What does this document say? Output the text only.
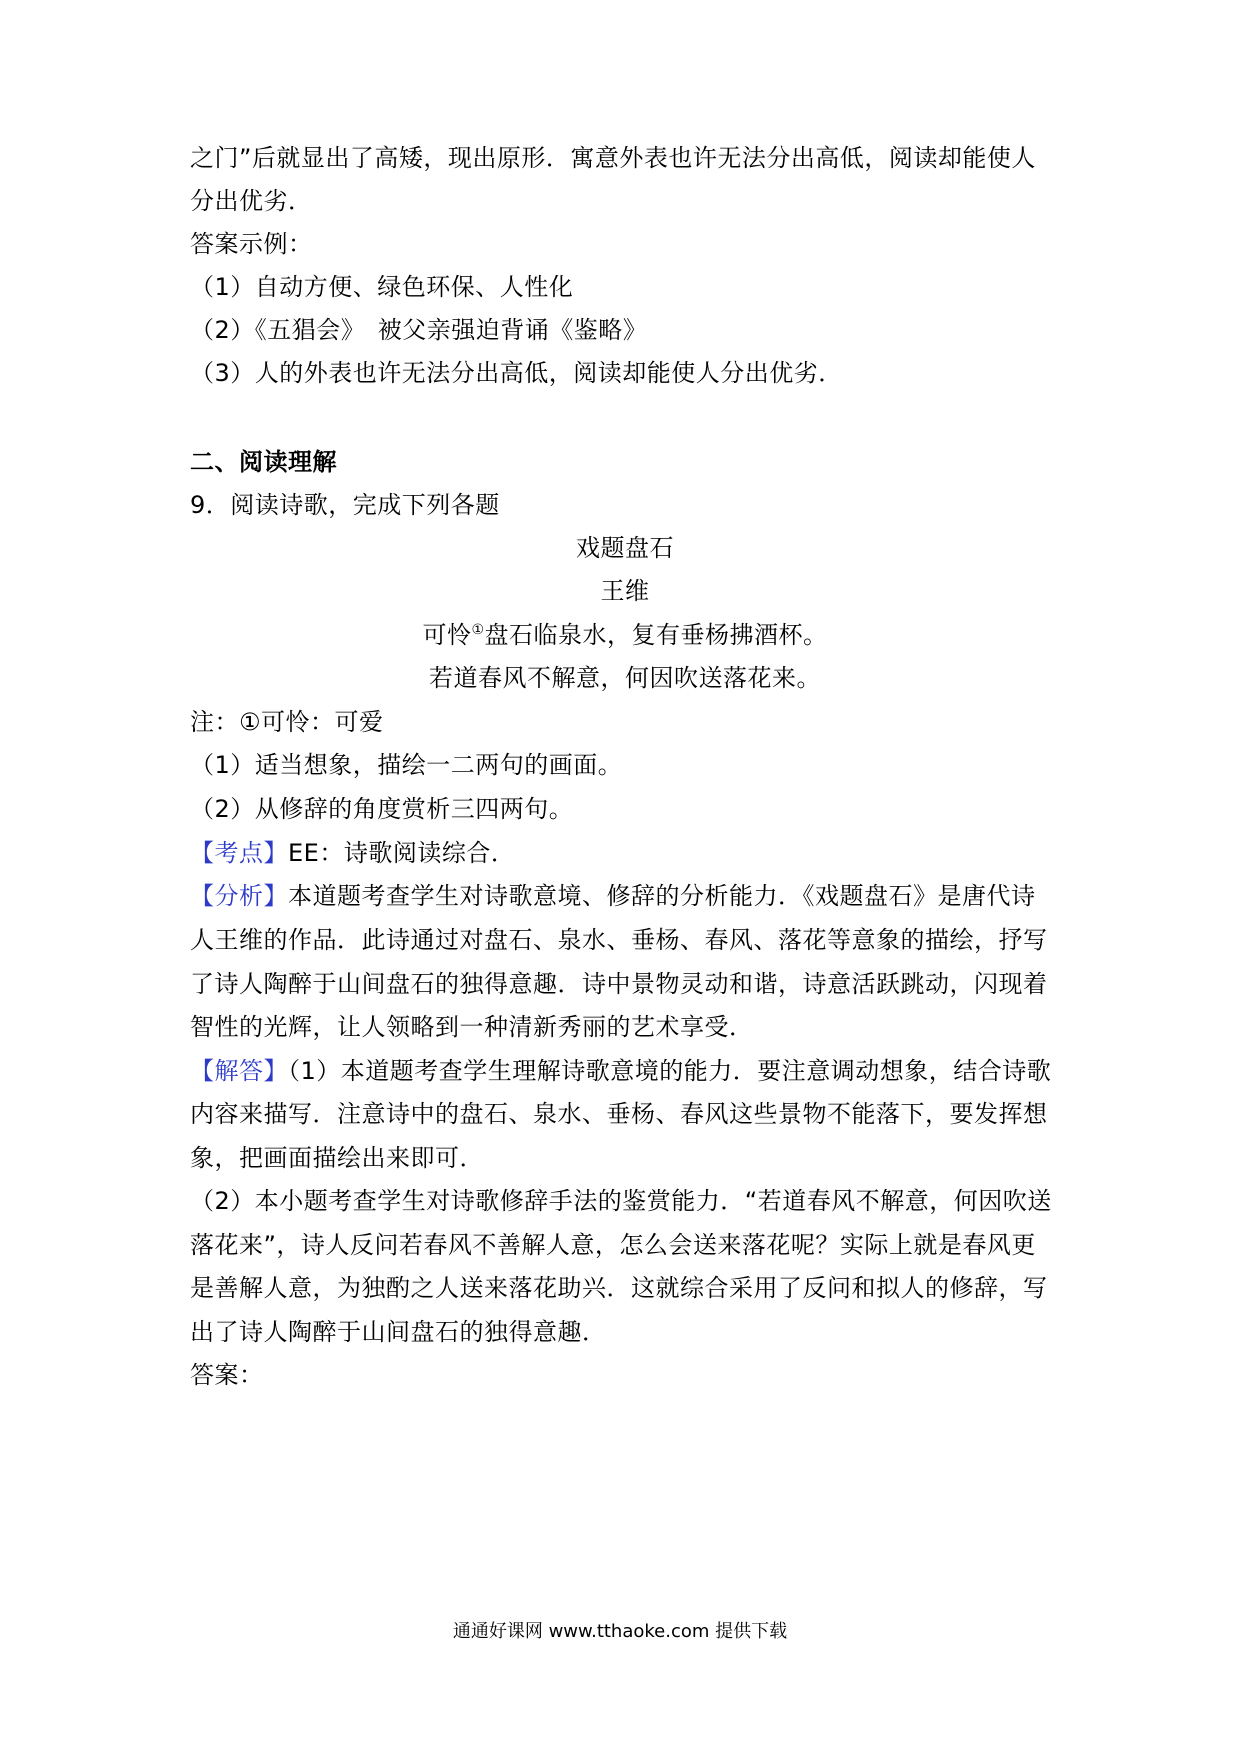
之门”后就显出了高矮，现出原形．寓意外表也许无法分出高低，阅读却能使人
分出优劣．
答案示例：
（1）自动方便、绿色环保、人性化
（2）《五猖会》　被父亲强迫背诵《鉴略》
（3）人的外表也许无法分出高低，阅读却能使人分出优劣．
二、阅读理解
9．阅读诗歌，完成下列各题
戏题盘石
王维
可怜①盘石临泉水，复有垂杨拂酒杯。
若道春风不解意，何因吹送落花来。
注：①可怜：可爱
（1）适当想象，描绘一二两句的画面。
（2）从修辞的角度赏析三四两句。
【考点】EE：诗歌阅读综合．
【分析】本道题考查学生对诗歌意境、修辞的分析能力．《戏题盘石》是唐代诗
人王维的作品．此诗通过对盘石、泉水、垂杨、春风、落花等意象的描绘，抒写
了诗人陶醉于山间盘石的独得意趣．诗中景物灵动和谐，诗意活跃跳动，闪现着
智性的光辉，让人领略到一种清新秀丽的艺术享受．
【解答】（1）本道题考查学生理解诗歌意境的能力．要注意调动想象，结合诗歌
内容来描写．注意诗中的盘石、泉水、垂杨、春风这些景物不能落下，要发挥想
象，把画面描绘出来即可．
（2）本小题考查学生对诗歌修辞手法的鉴赏能力．“若道春风不解意，何因吹送
落花来”，诗人反问若春风不善解人意，怎么会送来落花呢？实际上就是春风更
是善解人意，为独酌之人送来落花助兴．这就综合采用了反问和拟人的修辞，写
出了诗人陶醉于山间盘石的独得意趣．
答案：
通通好课网 www.tthaoke.com 提供下载
